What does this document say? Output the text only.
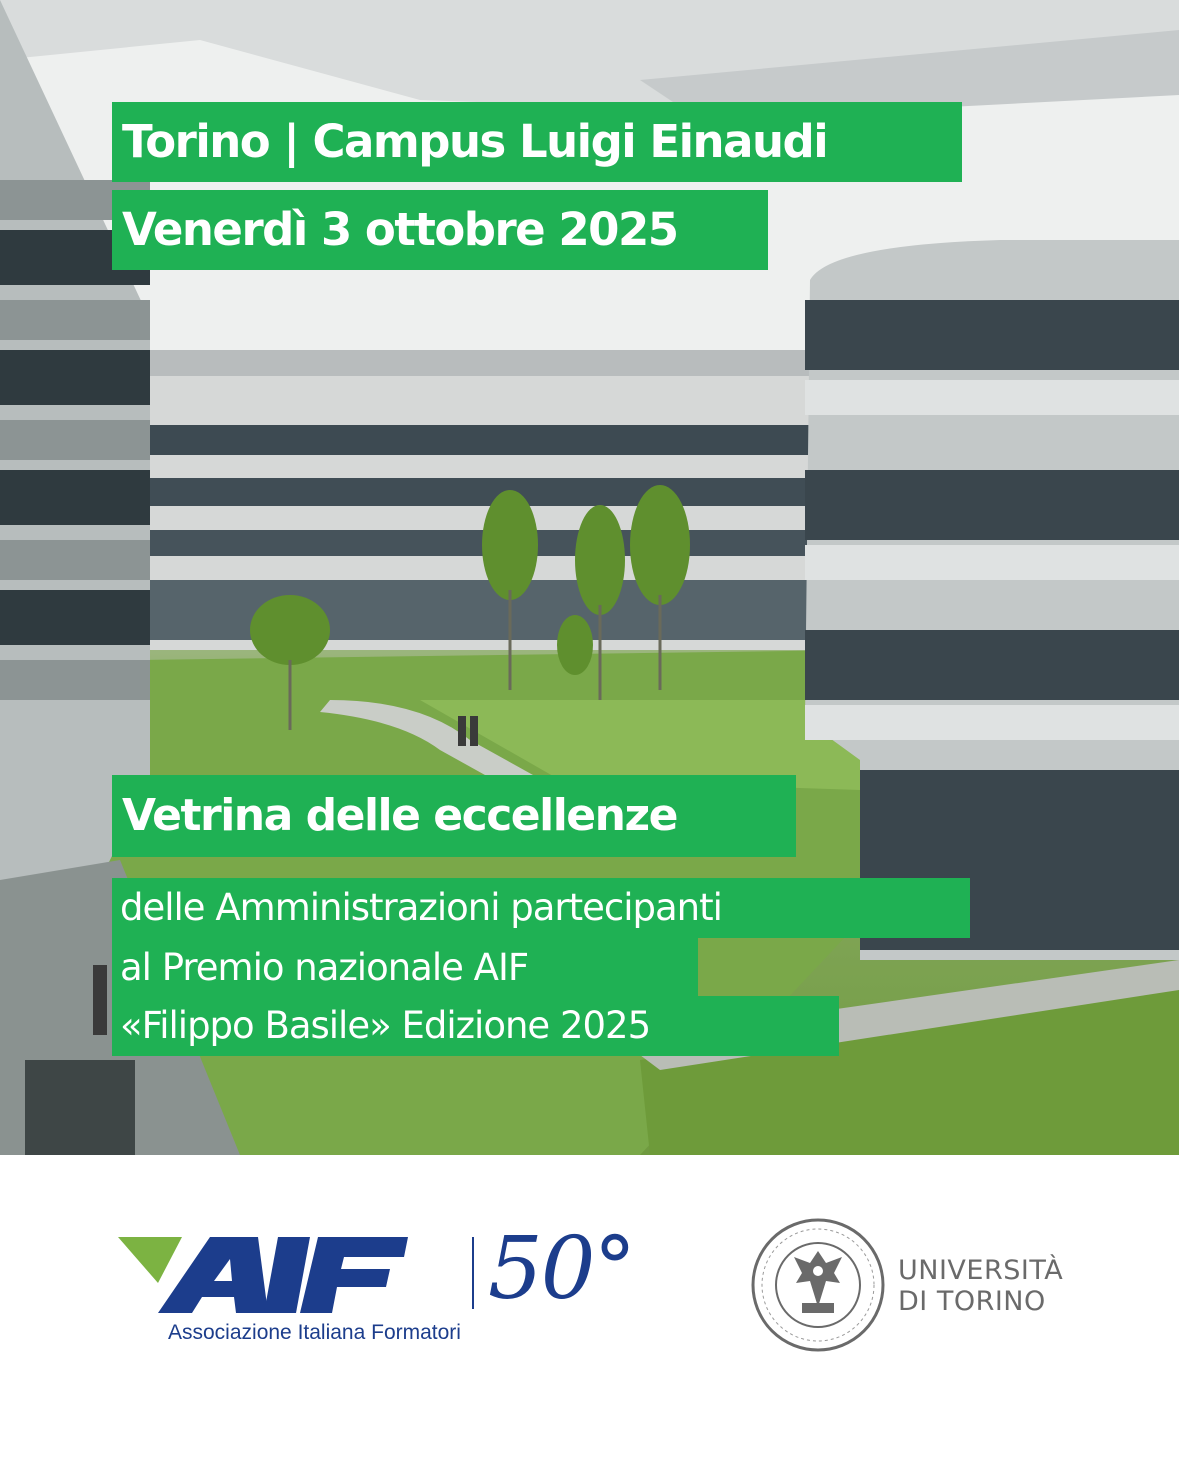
Torino | Campus Luigi Einaudi
Venerdì 3 ottobre 2025
Vetrina delle eccellenze
delle Amministrazioni partecipanti
al Premio nazionale AIF
«Filippo Basile» Edizione 2025
50°
Associazione Italiana Formatori
UNIVERSITÀ
DI TORINO
